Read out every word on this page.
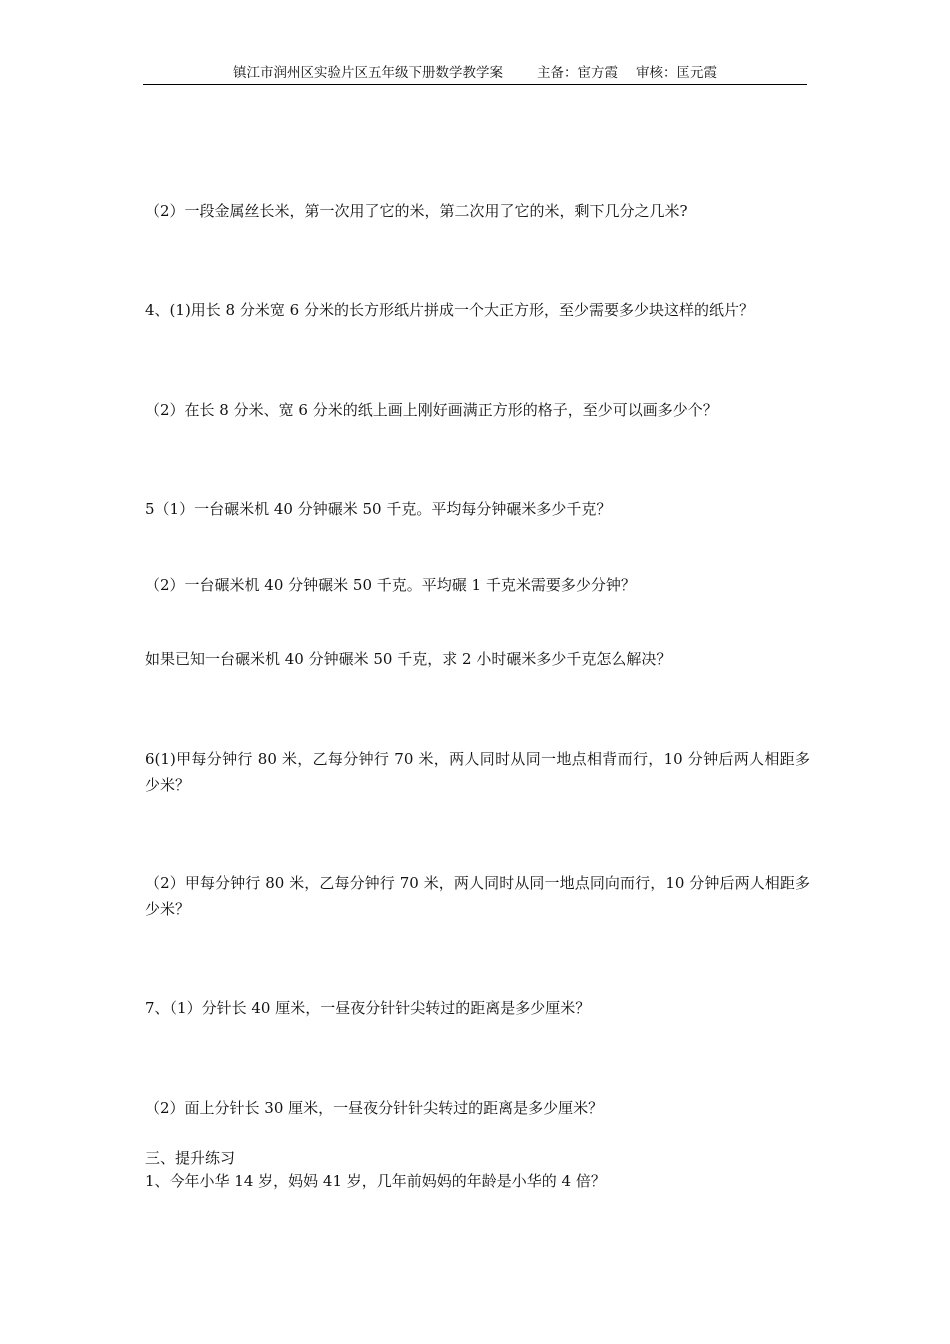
镇江市润州区实验片区五年级下册数学教学案	主备：宦方霞 审核：匡元霞
（2）一段金属丝长米，第一次用了它的米，第二次用了它的米，剩下几分之几米?
4、(1)用长 8 分米宽 6 分米的长方形纸片拼成一个大正方形，至少需要多少块这样的纸片？
（2）在长 8 分米、宽 6 分米的纸上画上刚好画满正方形的格子，至少可以画多少个？
5（1）一台碾米机 40 分钟碾米 50 千克。平均每分钟碾米多少千克？
（2）一台碾米机 40 分钟碾米 50 千克。平均碾 1 千克米需要多少分钟？
如果已知一台碾米机 40 分钟碾米 50 千克，求 2 小时碾米多少千克怎么解决？
6(1)甲每分钟行 80 米，乙每分钟行 70 米，两人同时从同一地点相背而行，10 分钟后两人相距多少米？
（2）甲每分钟行 80 米，乙每分钟行 70 米，两人同时从同一地点同向而行，10 分钟后两人相距多少米？
7、（1）分针长 40 厘米，一昼夜分针针尖转过的距离是多少厘米？
（2）面上分针长 30 厘米，一昼夜分针针尖转过的距离是多少厘米？
三、提升练习
1、今年小华 14 岁，妈妈 41 岁，几年前妈妈的年龄是小华的 4 倍？
